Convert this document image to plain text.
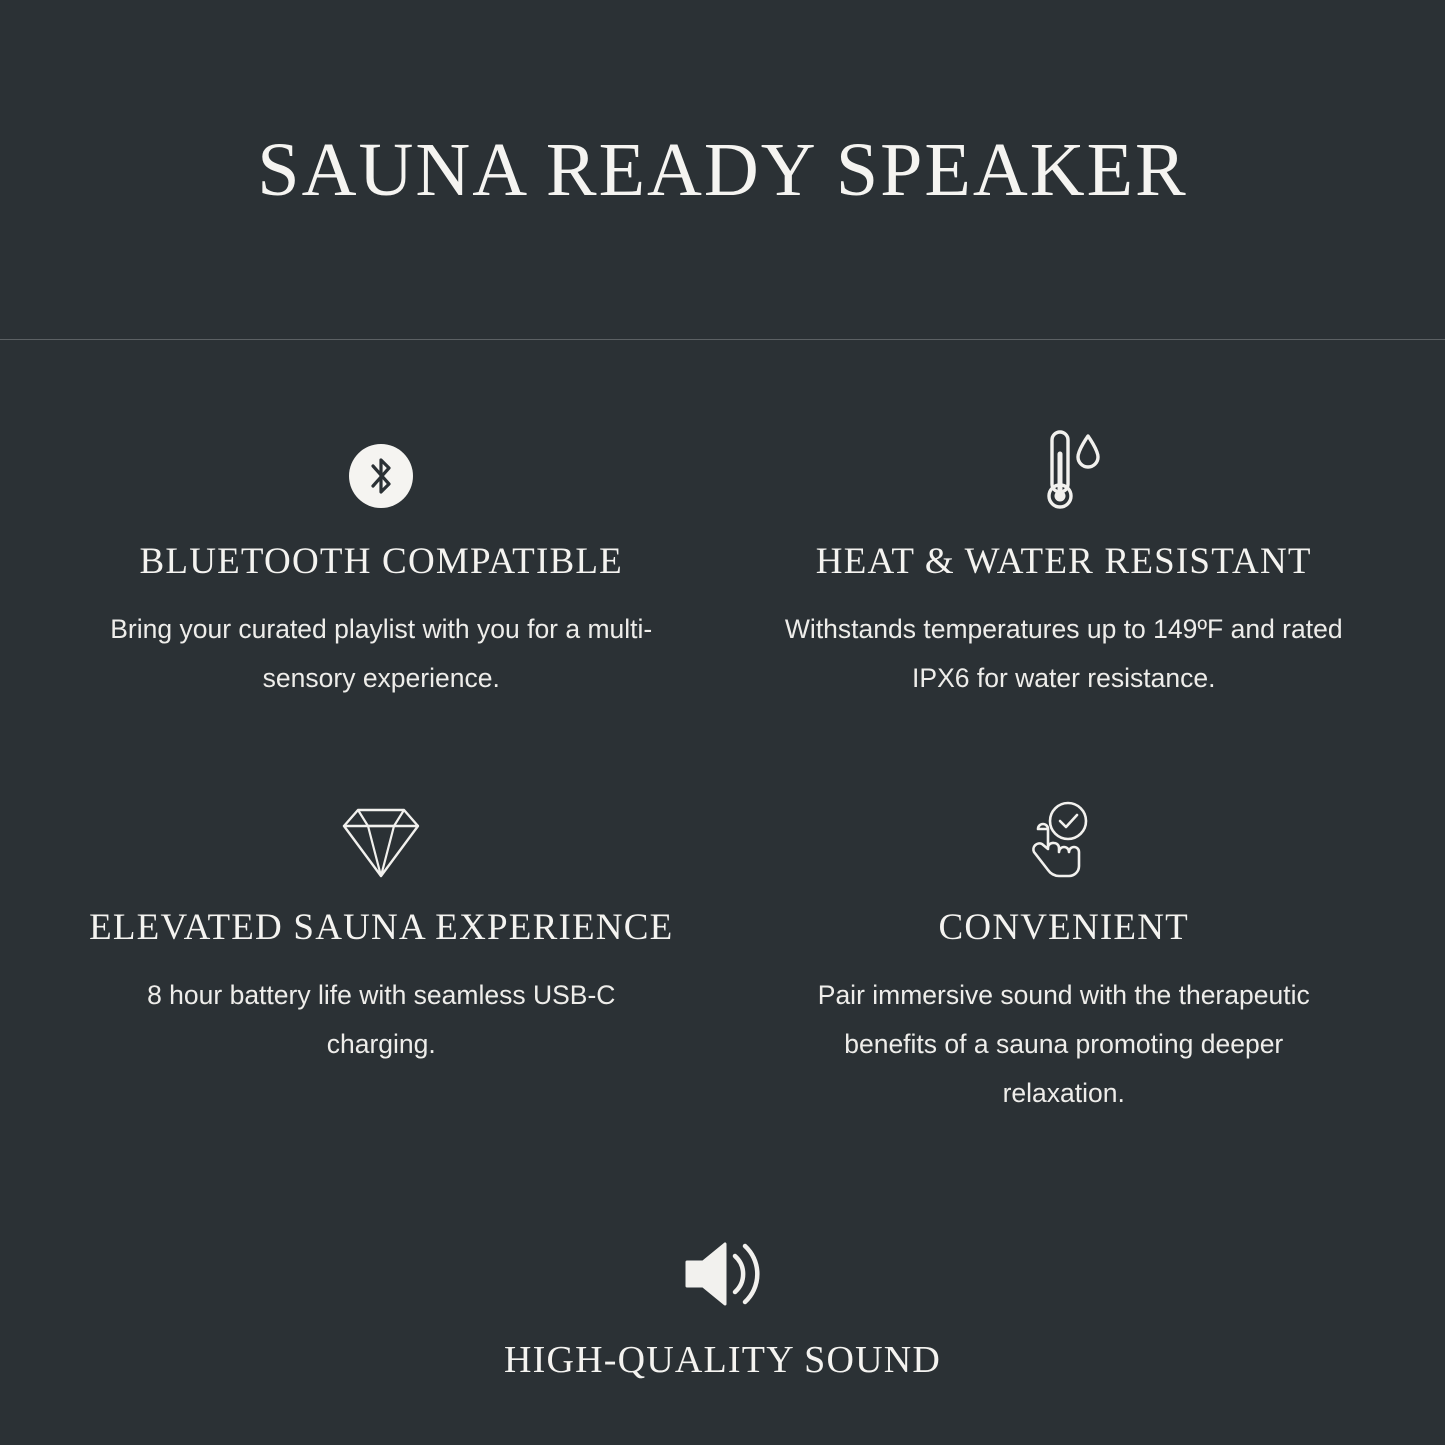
SAUNA READY SPEAKER
BLUETOOTH COMPATIBLE
Bring your curated playlist with you for a multi-sensory experience.
HEAT & WATER RESISTANT
Withstands temperatures up to 149ºF and rated IPX6 for water resistance.
ELEVATED SAUNA EXPERIENCE
8 hour battery life with seamless USB-C charging.
CONVENIENT
Pair immersive sound with the therapeutic benefits of a sauna promoting deeper relaxation.
HIGH-QUALITY SOUND
